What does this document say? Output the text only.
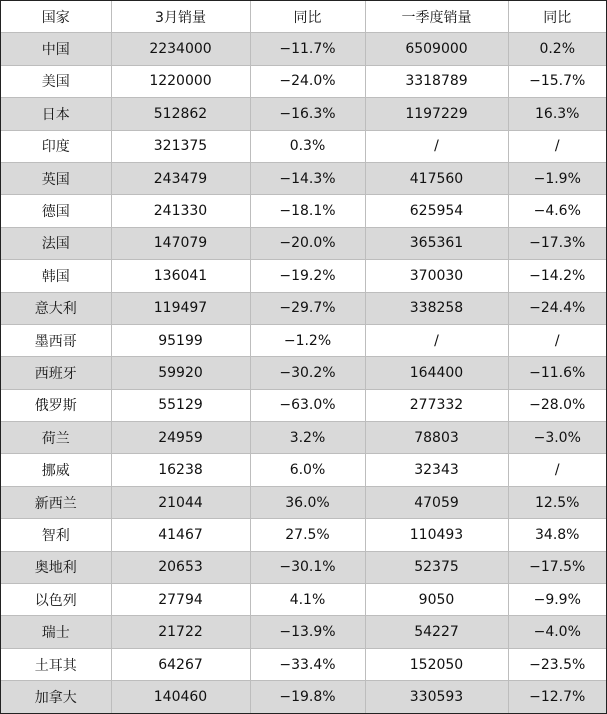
国家	3月销量	同比	一季度销量	同比
中国	2234000	−11.7%	6509000	0.2%
美国	1220000	−24.0%	3318789	−15.7%
日本	512862	−16.3%	1197229	16.3%
印度	321375	0.3%	/	/
英国	243479	−14.3%	417560	−1.9%
德国	241330	−18.1%	625954	−4.6%
法国	147079	−20.0%	365361	−17.3%
韩国	136041	−19.2%	370030	−14.2%
意大利	119497	−29.7%	338258	−24.4%
墨西哥	95199	−1.2%	/	/
西班牙	59920	−30.2%	164400	−11.6%
俄罗斯	55129	−63.0%	277332	−28.0%
荷兰	24959	3.2%	78803	−3.0%
挪威	16238	6.0%	32343	/
新西兰	21044	36.0%	47059	12.5%
智利	41467	27.5%	110493	34.8%
奥地利	20653	−30.1%	52375	−17.5%
以色列	27794	4.1%	9050	−9.9%
瑞士	21722	−13.9%	54227	−4.0%
土耳其	64267	−33.4%	152050	−23.5%
加拿大	140460	−19.8%	330593	−12.7%
